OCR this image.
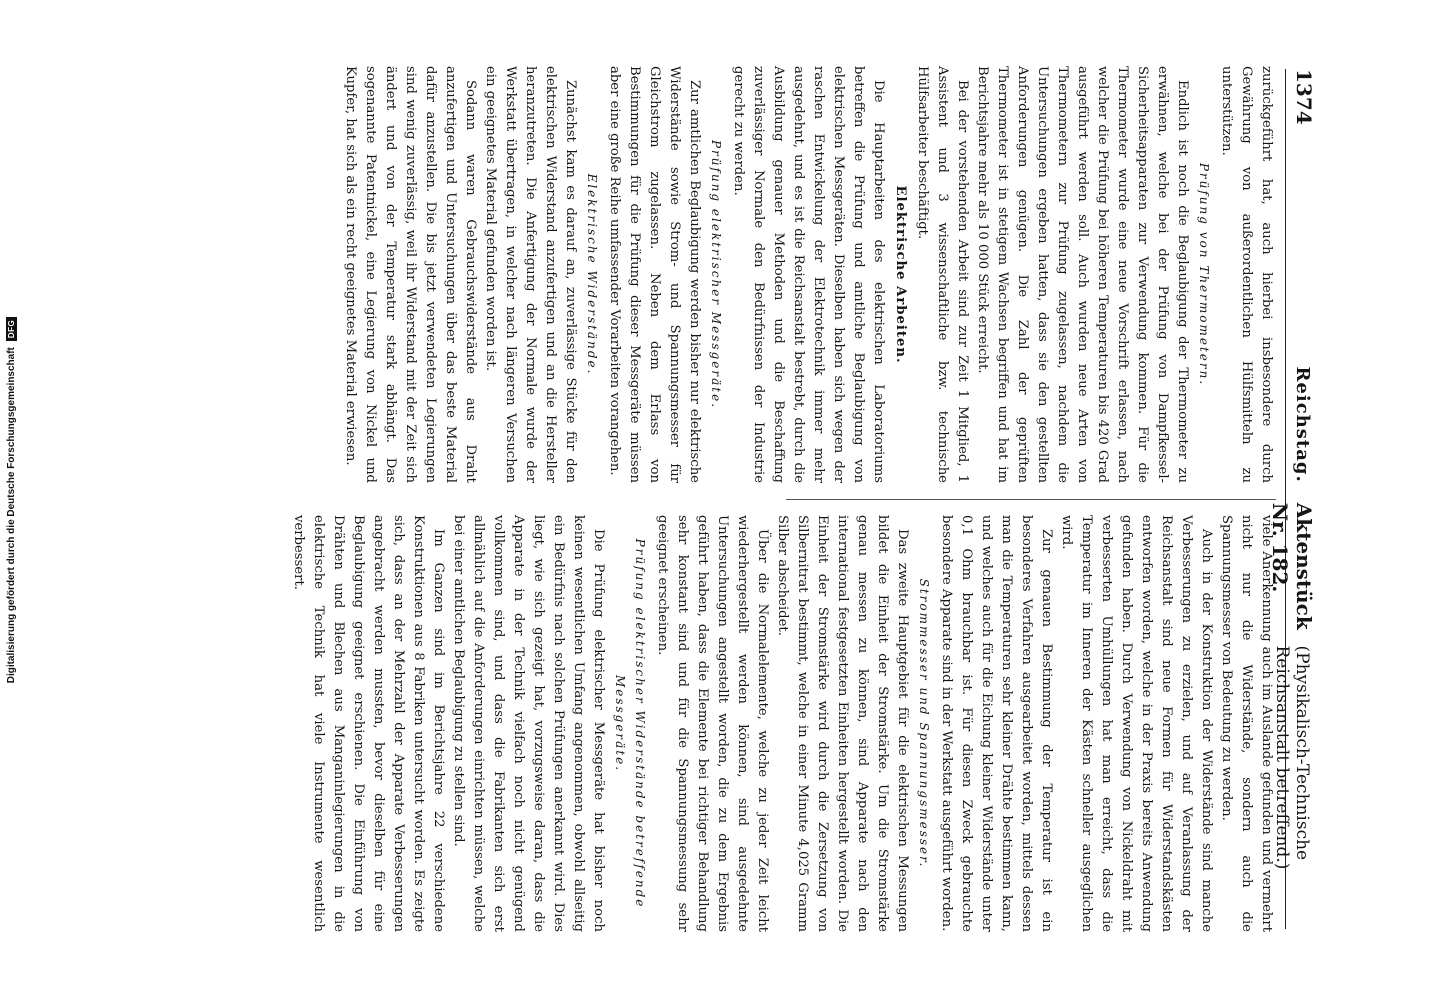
Digitalisierung gefördert durch die Deutsche Forschungsgemeinschaft
DFG
1374
Reichstag.
Aktenstück Nr. 182.
(Physikalisch-Technische Reichsanstalt betreffend.)

zurückgeführt hat, auch hierbei insbesondere durch Gewährung von außerordentlichen Hülfsmitteln zu unterstützen.

Prüfung von Thermometern.

Endlich ist noch die Beglaubigung der Thermometer zu erwähnen, welche bei der Prüfung von Dampfkessel-Sicherheitsapparaten zur Verwendung kommen. Für die Thermometer wurde eine neue Vorschrift erlassen, nach welcher die Prüfung bei höheren Temperaturen bis 420 Grad ausgeführt werden soll. Auch wurden neue Arten von Thermometern zur Prüfung zugelassen, nachdem die Untersuchungen ergeben hatten, dass sie den gestellten Anforderungen genügen. Die Zahl der geprüften Thermometer ist in stetigem Wachsen begriffen und hat im Berichtsjahre mehr als 10 000 Stück erreicht.

Bei der vorstehenden Arbeit sind zur Zeit 1 Mitglied, 1 Assistent und 3 wissenschaftliche bzw. technische Hülfsarbeiter beschäftigt.

Elektrische Arbeiten.

Die Hauptarbeiten des elektrischen Laboratoriums betreffen die Prüfung und amtliche Beglaubigung von elektrischen Messgeräten. Dieselben haben sich wegen der raschen Entwickelung der Elektrotechnik immer mehr ausgedehnt, und es ist die Reichsanstalt bestrebt, durch die Ausbildung genauer Methoden und die Beschaffung zuverlässiger Normale den Bedürfnissen der Industrie gerecht zu werden.

Prüfung elektrischer Messgeräte.

Zur amtlichen Beglaubigung werden bisher nur elektrische Widerstände sowie Strom- und Spannungsmesser für Gleichstrom zugelassen. Neben dem Erlass von Bestimmungen für die Prüfung dieser Messgeräte müssen aber eine große Reihe umfassender Vorarbeiten vorangehen.

Elektrische Widerstände.

Zunächst kam es darauf an, zuverlässige Stücke für den elektrischen Widerstand anzufertigen und an die Hersteller heranzutreten. Die Anfertigung der Normale wurde der Werkstatt übertragen, in welcher nach längeren Versuchen ein geeignetes Material gefunden worden ist.

Sodann waren Gebrauchswiderstände aus Draht anzufertigen und Untersuchungen über das beste Material dafür anzustellen. Die bis jetzt verwendeten Legierungen sind wenig zuverlässig, weil ihr Widerstand mit der Zeit sich ändert und von der Temperatur stark abhängt. Das sogenannte Patentnickel, eine Legierung von Nickel und Kupfer, hat sich als ein recht geeignetes Material erwiesen.

viele Anerkennung auch im Auslande gefunden und vermehrt nicht nur die Widerstände, sondern auch die Spannungsmesser von Bedeutung zu werden.

Auch in der Konstruktion der Widerstände sind manche Verbesserungen zu erzielen, und auf Veranlassung der Reichsanstalt sind neue Formen für Widerstandskästen entworfen worden, welche in der Praxis bereits Anwendung gefunden haben. Durch Verwendung von Nickeldraht mit verbesserten Umhüllungen hat man erreicht, dass die Temperatur im Inneren der Kästen schneller ausgeglichen wird.

Zur genauen Bestimmung der Temperatur ist ein besonderes Verfahren ausgearbeitet worden, mittels dessen man die Temperaturen sehr kleiner Drähte bestimmen kann, und welches auch für die Eichung kleiner Widerstände unter 0,1 Ohm brauchbar ist. Für diesen Zweck gebrauchte besondere Apparate sind in der Werkstatt ausgeführt worden.

Strommesser und Spannungsmesser.

Das zweite Hauptgebiet für die elektrischen Messungen bildet die Einheit der Stromstärke. Um die Stromstärke genau messen zu können, sind Apparate nach den international festgesetzten Einheiten hergestellt worden. Die Einheit der Stromstärke wird durch die Zersetzung von Silbernitrat bestimmt, welche in einer Minute 4,025 Gramm Silber abscheidet.

Über die Normalelemente, welche zu jeder Zeit leicht wiederhergestellt werden können, sind ausgedehnte Untersuchungen angestellt worden, die zu dem Ergebnis geführt haben, dass die Elemente bei richtiger Behandlung sehr konstant sind und für die Spannungsmessung sehr geeignet erscheinen.

Prüfung elektrischer Widerstände betreffende Messgeräte.

Die Prüfung elektrischer Messgeräte hat bisher noch keinen wesentlichen Umfang angenommen, obwohl allseitig ein Bedürfnis nach solchen Prüfungen anerkannt wird. Dies liegt, wie sich gezeigt hat, vorzugsweise daran, dass die Apparate in der Technik vielfach noch nicht genügend vollkommen sind, und dass die Fabrikanten sich erst allmählich auf die Anforderungen einrichten müssen, welche bei einer amtlichen Beglaubigung zu stellen sind.

Im Ganzen sind im Berichtsjahre 22 verschiedene Konstruktionen aus 8 Fabriken untersucht worden. Es zeigte sich, dass an der Mehrzahl der Apparate Verbesserungen angebracht werden mussten, bevor dieselben für eine Beglaubigung geeignet erschienen. Die Einführung von Drähten und Blechen aus Manganinlegierungen in die elektrische Technik hat viele Instrumente wesentlich verbessert.
